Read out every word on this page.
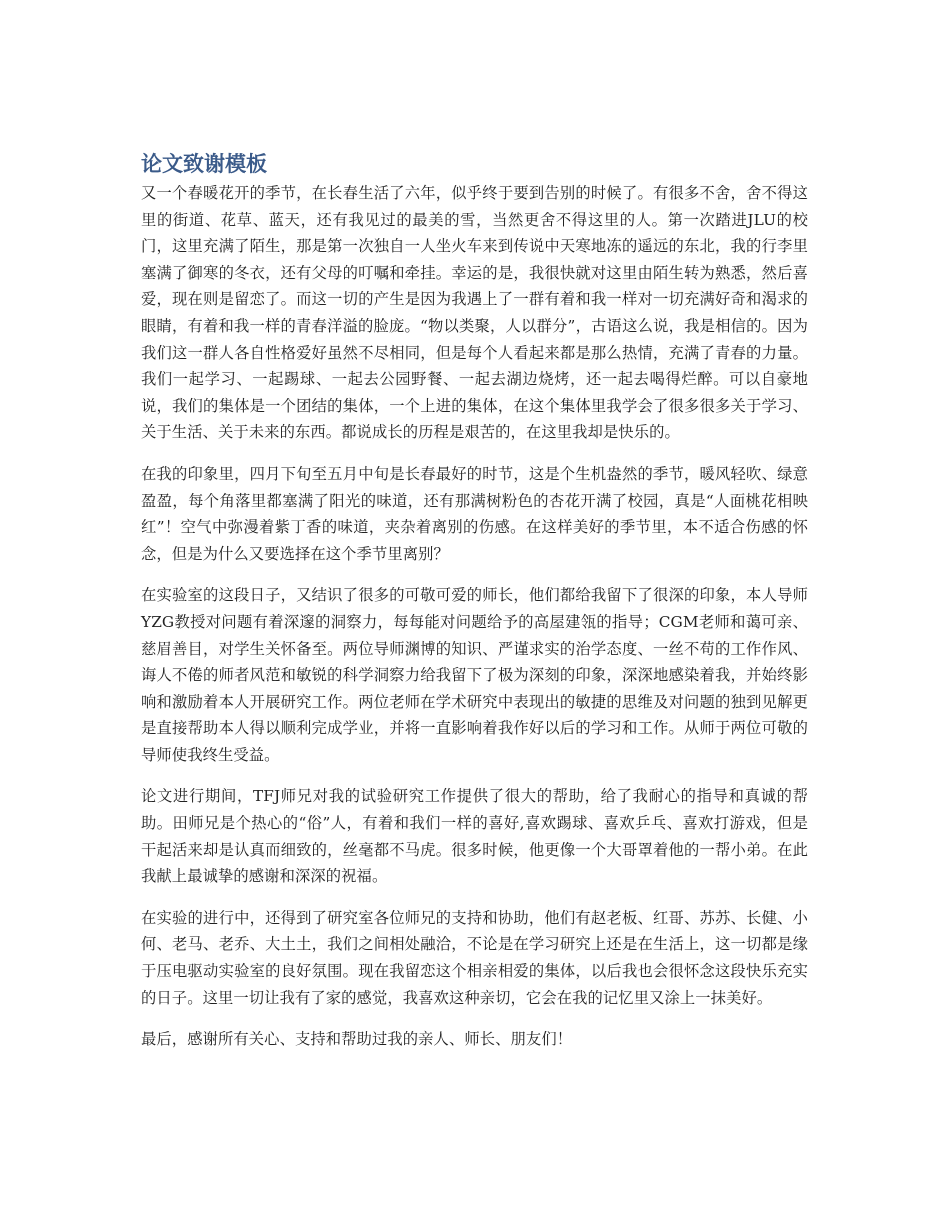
论文致谢模板

又一个春暖花开的季节，在长春生活了六年，似乎终于要到告别的时候了。有很多不舍，舍不得这里的街道、花草、蓝天，还有我见过的最美的雪，当然更舍不得这里的人。第一次踏进JLU的校门，这里充满了陌生，那是第一次独自一人坐火车来到传说中天寒地冻的遥远的东北，我的行李里塞满了御寒的冬衣，还有父母的叮嘱和牵挂。幸运的是，我很快就对这里由陌生转为熟悉，然后喜爱，现在则是留恋了。而这一切的产生是因为我遇上了一群有着和我一样对一切充满好奇和渴求的眼睛，有着和我一样的青春洋溢的脸庞。“物以类聚，人以群分”，古语这么说，我是相信的。因为我们这一群人各自性格爱好虽然不尽相同，但是每个人看起来都是那么热情，充满了青春的力量。我们一起学习、一起踢球、一起去公园野餐、一起去湖边烧烤，还一起去喝得烂醉。可以自豪地说，我们的集体是一个团结的集体，一个上进的集体，在这个集体里我学会了很多很多关于学习、关于生活、关于未来的东西。都说成长的历程是艰苦的，在这里我却是快乐的。

在我的印象里，四月下旬至五月中旬是长春最好的时节，这是个生机盎然的季节，暖风轻吹、绿意盈盈，每个角落里都塞满了阳光的味道，还有那满树粉色的杏花开满了校园，真是“人面桃花相映红”！空气中弥漫着紫丁香的味道，夹杂着离别的伤感。在这样美好的季节里，本不适合伤感的怀念，但是为什么又要选择在这个季节里离别？

在实验室的这段日子，又结识了很多的可敬可爱的师长，他们都给我留下了很深的印象，本人导师YZG教授对问题有着深邃的洞察力，每每能对问题给予的高屋建瓴的指导；CGM老师和蔼可亲、慈眉善目，对学生关怀备至。两位导师渊博的知识、严谨求实的治学态度、一丝不苟的工作作风、诲人不倦的师者风范和敏锐的科学洞察力给我留下了极为深刻的印象，深深地感染着我，并始终影响和激励着本人开展研究工作。两位老师在学术研究中表现出的敏捷的思维及对问题的独到见解更是直接帮助本人得以顺利完成学业，并将一直影响着我作好以后的学习和工作。从师于两位可敬的导师使我终生受益。

论文进行期间，TFJ师兄对我的试验研究工作提供了很大的帮助，给了我耐心的指导和真诚的帮助。田师兄是个热心的“俗”人，有着和我们一样的喜好,喜欢踢球、喜欢乒乓、喜欢打游戏，但是干起活来却是认真而细致的，丝毫都不马虎。很多时候，他更像一个大哥罩着他的一帮小弟。在此我献上最诚挚的感谢和深深的祝福。

在实验的进行中，还得到了研究室各位师兄的支持和协助，他们有赵老板、红哥、苏苏、长健、小何、老马、老乔、大土土，我们之间相处融洽，不论是在学习研究上还是在生活上，这一切都是缘于压电驱动实验室的良好氛围。现在我留恋这个相亲相爱的集体，以后我也会很怀念这段快乐充实的日子。这里一切让我有了家的感觉，我喜欢这种亲切，它会在我的记忆里又涂上一抹美好。

最后，感谢所有关心、支持和帮助过我的亲人、师长、朋友们！
